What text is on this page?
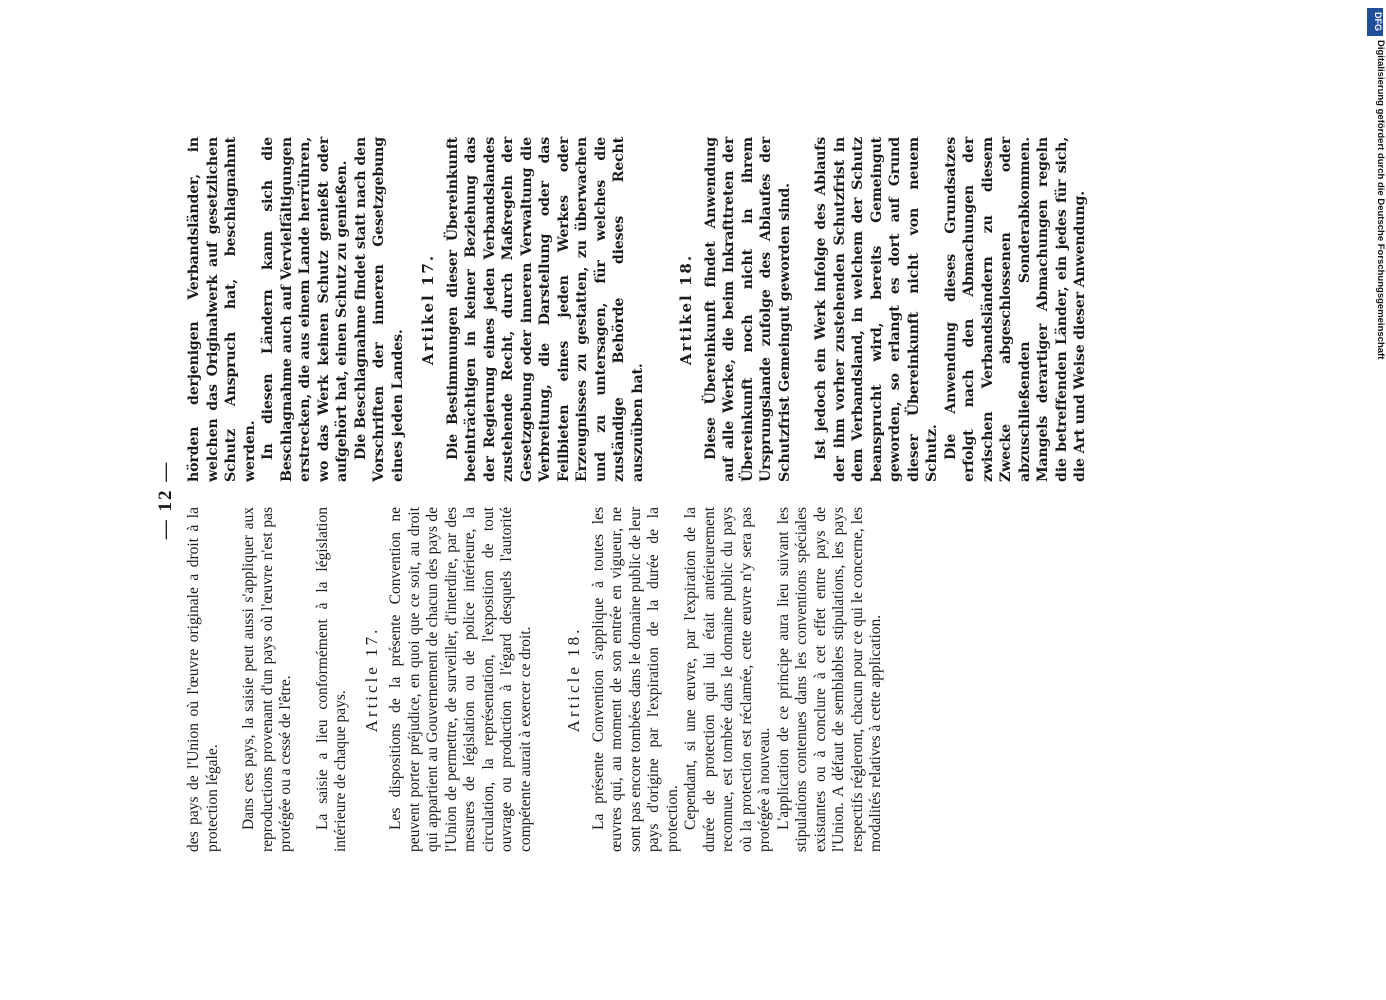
— 12 —

des pays de l'Union où l'œuvre originale a droit à la protection légale. Dans ces pays, la saisie peut aussi s'appliquer aux reproductions provenant d'un pays où l'œuvre n'est pas protégée ou a cessé de l'être. La saisie a lieu conformément à la législation intérieure de chaque pays.

Article 17. Les dispositions de la présente Convention ne peuvent porter préjudice, en quoi que ce soit, au droit qui appartient au Gouvernement de chacun des pays de l'Union de permettre, de surveiller, d'interdire, par des mesures de législation ou de police intérieure, la circulation, la représentation, l'exposition de tout ouvrage ou production à l'égard desquels l'autorité compétente aurait à exercer ce droit. Article 18. La présente Convention s'applique à toutes les œuvres qui, au moment de son entrée en vigueur, ne sont pas encore tombées dans le domaine public de leur pays d'origine par l'expiration de la durée de la protection. Cependant, si une œuvre, par l'expiration de la durée de protection qui lui était antérieurement reconnue, est tombée dans le domaine public du pays où la protection est réclamée, cette œuvre n'y sera pas protégée à nouveau. L'application de ce principe aura lieu suivant les stipulations contenues dans les conventions spéciales existantes ou à conclure à cet effet entre pays de l'Union. A défaut de semblables stipulations, les pays respectifs régleront, chacun pour ce qui le concerne, les modalités relatives à cette application.

hörden derjenigen Verbandsländer, in welchen das Originalwerk auf gesetzlichen Schutz Anspruch hat, beschlagnahmt werden. In diesen Ländern kann sich die Beschlagnahme auch auf Vervielfältigungen erstrecken, die aus einem Lande herrühren, wo das Werk keinen Schutz genießt oder aufgehört hat, einen Schutz zu genießen. Die Beschlagnahme findet statt nach den Vorschriften der inneren Gesetzgebung eines jeden Landes.

Artikel 17. Die Bestimmungen dieser Übereinkunft beeinträchtigen in keiner Beziehung das der Regierung eines jeden Verbandslandes zustehende Recht, durch Maßregeln der Gesetzgebung oder inneren Verwaltung die Verbreitung, die Darstellung oder das Feilbieten eines jeden Werkes oder Erzeugnisses zu gestatten, zu überwachen und zu untersagen, für welches die zuständige Behörde dieses Recht auszuüben hat.

Artikel 18. Diese Übereinkunft findet Anwendung auf alle Werke, die beim Inkrafttreten der Übereinkunft noch nicht in ihrem Ursprungslande zufolge des Ablaufes der Schutzfrist Gemeingut geworden sind. Ist jedoch ein Werk infolge des Ablaufs der ihm vorher zustehenden Schutzfrist in dem Verbandsland, in welchem der Schutz beansprucht wird, bereits Gemeingut geworden, so erlangt es dort auf Grund dieser Übereinkunft nicht von neuem Schutz. Die Anwendung dieses Grundsatzes erfolgt nach den Abmachungen der zwischen Verbandsländern zu diesem Zwecke abgeschlossenen oder abzuschließenden Sonderabkommen. Mangels derartiger Abmachungen regeln die betreffenden Länder, ein jedes für sich, die Art und Weise dieser Anwendung.

DFG
Digitalisierung gefördert durch die Deutsche Forschungsgemeinschaft
